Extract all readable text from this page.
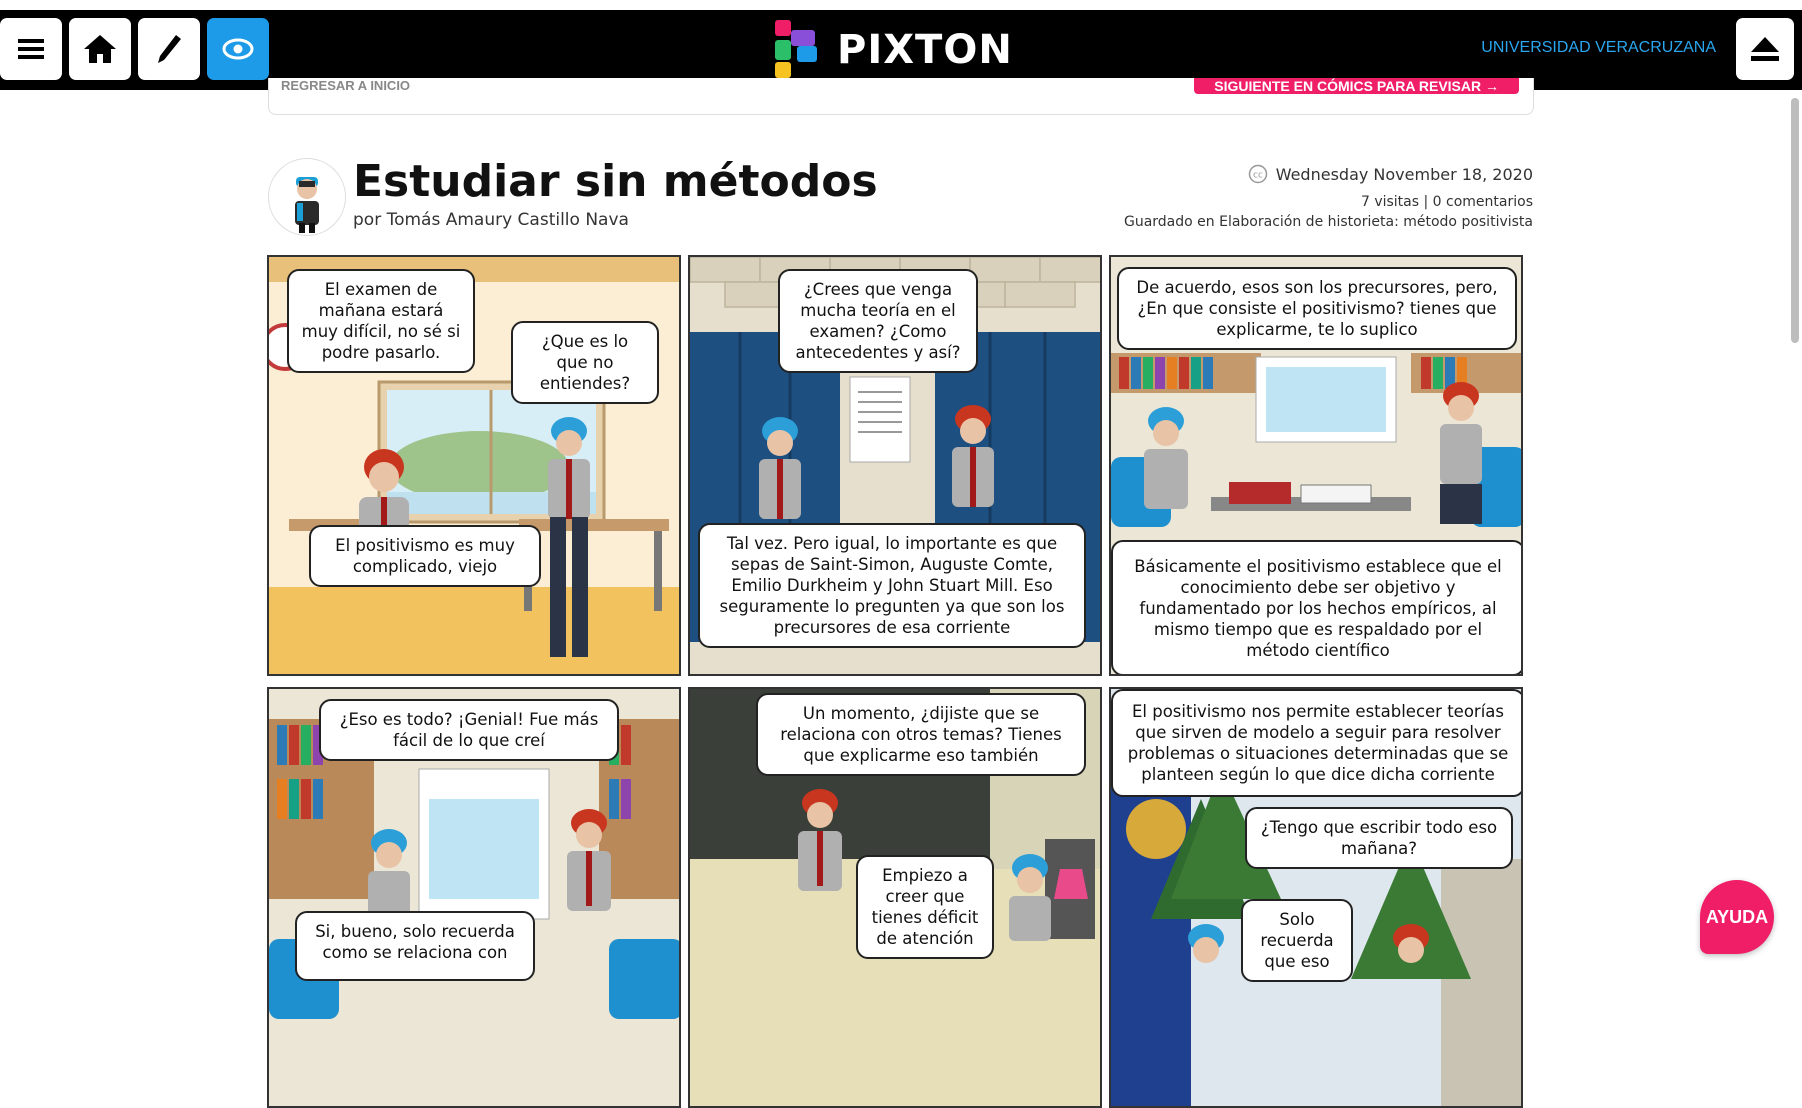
PIXTON	UNIVERSIDAD VERACRUZANA
REGRESAR A INICIO	SIGUIENTE EN CÓMICS PARA REVISAR →
Estudiar sin métodos
por Tomás Amaury Castillo Nava
cc Wednesday November 18, 2020
7 visitas | 0 comentarios
Guardado en Elaboración de historieta: método positivista
El examen de mañana estará muy difícil, no sé si podre pasarlo.
¿Que es lo que no entiendes?
El positivismo es muy complicado, viejo
¿Crees que venga mucha teoría en el examen? ¿Como antecedentes y así?
Tal vez. Pero igual, lo importante es que sepas de Saint-Simon, Auguste Comte, Emilio Durkheim y John Stuart Mill. Eso seguramente lo pregunten ya que son los precursores de esa corriente
De acuerdo, esos son los precursores, pero, ¿En que consiste el positivismo? tienes que explicarme, te lo suplico
Básicamente el positivismo establece que el conocimiento debe ser objetivo y fundamentado por los hechos empíricos, al mismo tiempo que es respaldado por el método científico
¿Eso es todo? ¡Genial! Fue más fácil de lo que creí
Si, bueno, solo recuerda como se relaciona con
Un momento, ¿dijiste que se relaciona con otros temas? Tienes que explicarme eso también
Empiezo a creer que tienes déficit de atención
El positivismo nos permite establecer teorías que sirven de modelo a seguir para resolver problemas o situaciones determinadas que se planteen según lo que dice dicha corriente
¿Tengo que escribir todo eso mañana?
Solo recuerda que eso
AYUDA
